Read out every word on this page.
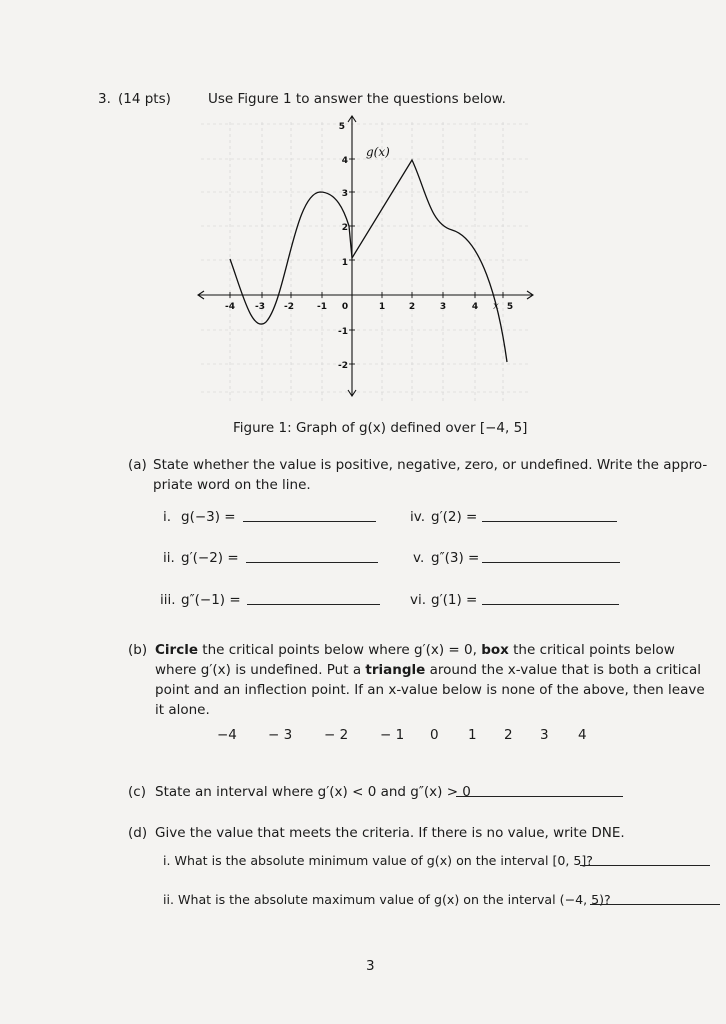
3. (14 pts)	Use Figure 1 to answer the questions below.
-4 -3 -2	-1 0	1	2	3	4	5
x
5
4
3
2
1
-1
-2
g(x)
Figure 1: Graph of g(x) defined over [−4, 5]
(a) State whether the value is positive, negative, zero, or undefined. Write the appro-
priate word on the line.
i. g(−3) =	iv. g′(2) =
ii. g′(−2) =	v. g″(3) =
iii. g″(−1) =	vi. g′(1) =
(b) Circle the critical points below where g′(x) = 0, box the critical points below
where g′(x) is undefined. Put a triangle around the x-value that is both a critical
point and an inflection point. If an x-value below is none of the above, then leave
it alone.
−4 − 3 − 2 − 1 0 1 2 3 4
(c) State an interval where g′(x) < 0 and g″(x) > 0
(d) Give the value that meets the criteria. If there is no value, write DNE.
i. What is the absolute minimum value of g(x) on the interval [0, 5]?
ii. What is the absolute maximum value of g(x) on the interval (−4, 5)?
3
